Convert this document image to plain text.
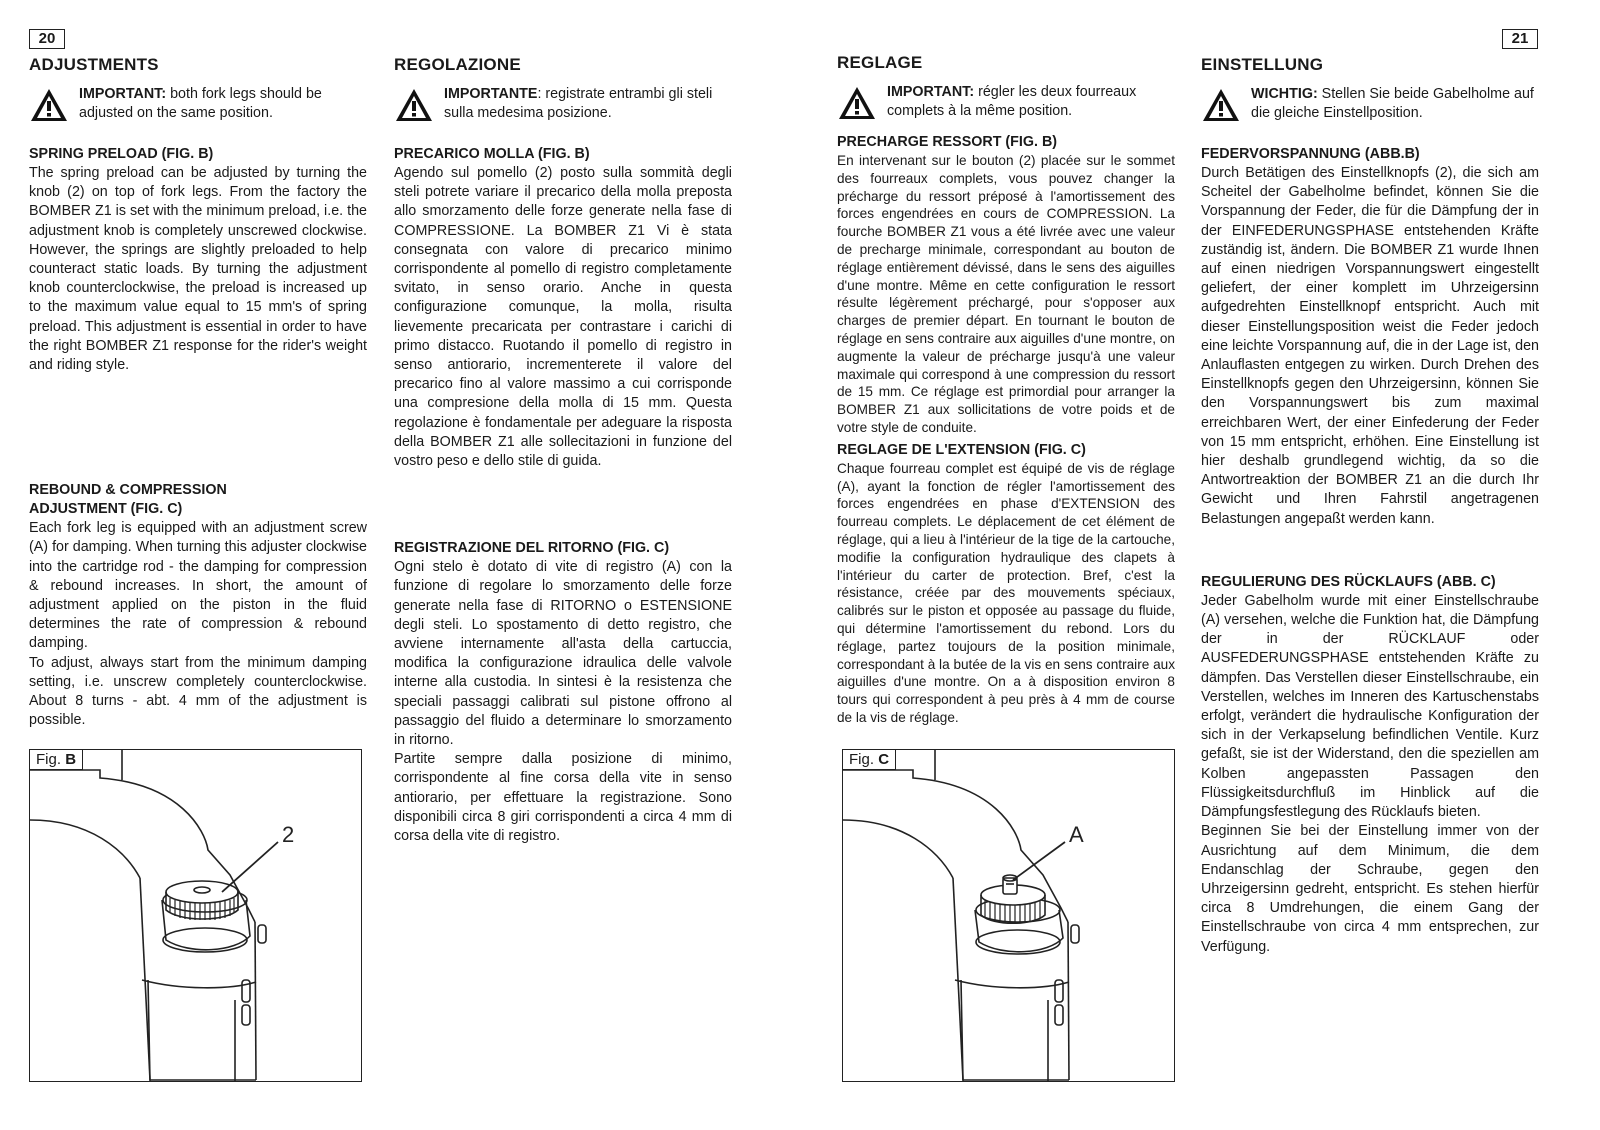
20	21
ADJUSTMENTS
IMPORTANT: both fork legs should be adjusted on the same position.
SPRING PRELOAD (FIG. B)

The spring preload can be adjusted by turning the knob (2) on top of fork legs. From the factory the BOMBER Z1 is set with the minimum preload, i.e. the adjustment knob is completely unscrewed clockwise. However, the springs are slightly preloaded to help counteract static loads. By turning the adjustment knob counterclockwise, the preload is increased up to the maximum value equal to 15 mm's of spring preload. This adjustment is essential in order to have the right BOMBER Z1 response for the rider's weight and riding style.

REBOUND & COMPRESSION
ADJUSTMENT (FIG. C)

Each fork leg is equipped with an adjustment screw (A) for damping. When turning this adjuster clockwise into the cartridge rod - the damping for compression & rebound increases. In short, the amount of adjustment applied on the piston in the fluid determines the rate of compression & rebound damping.

To adjust, always start from the minimum damping setting, i.e. unscrew completely counterclockwise. About 8 turns - abt. 4 mm of the adjustment is possible.

REGOLAZIONE
IMPORTANTE: registrate entrambi gli steli sulla medesima posizione.
PRECARICO MOLLA (FIG. B)

Agendo sul pomello (2) posto sulla sommità degli steli potrete variare il precarico della molla preposta allo smorzamento delle forze generate nella fase di COMPRESSIONE. La BOMBER Z1 Vi è stata consegnata con valore di precarico minimo corrispondente al pomello di registro completamente svitato, in senso orario. Anche in questa configurazione comunque, la molla, risulta lievemente precaricata per contrastare i carichi di primo distacco. Ruotando il pomello di registro in senso antiorario, incrementerete il valore del precarico fino al valore massimo a cui corrisponde una compresione della molla di 15 mm. Questa regolazione è fondamentale per adeguare la risposta della BOMBER Z1 alle sollecitazioni in funzione del vostro peso e dello stile di guida.

REGISTRAZIONE DEL RITORNO (FIG. C)

Ogni stelo è dotato di vite di registro (A) con la funzione di regolare lo smorzamento delle forze generate nella fase di RITORNO o ESTENSIONE degli steli. Lo spostamento di detto registro, che avviene internamente all'asta della cartuccia, modifica la configurazione idraulica delle valvole interne alla custodia. In sintesi è la resistenza che speciali passaggi calibrati sul pistone offrono al passaggio del fluido a determinare lo smorzamento in ritorno.

Partite sempre dalla posizione di minimo, corrispondente al fine corsa della vite in senso antiorario, per effettuare la registrazione. Sono disponibili circa 8 giri corrispondenti a circa 4 mm di corsa della vite di registro.

REGLAGE
IMPORTANT: régler les deux fourreaux complets à la même position.
PRECHARGE RESSORT (FIG. B)

En intervenant sur le bouton (2) placée sur le sommet des fourreaux complets, vous pouvez changer la précharge du ressort préposé à l'amortissement des forces engendrées en cours de COMPRESSION. La fourche BOMBER Z1 vous a été livrée avec une valeur de precharge minimale, correspondant au bouton de réglage entièrement dévissé, dans le sens des aiguilles d'une montre. Même en cette configuration le ressort résulte légèrement préchargé, pour s'opposer aux charges de premier départ. En tournant le bouton de réglage en sens contraire aux aiguilles d'une montre, on augmente la valeur de précharge jusqu'à une valeur maximale qui correspond à une compression du ressort de 15 mm. Ce réglage est primordial pour arranger la BOMBER Z1 aux sollicitations de votre poids et de votre style de conduite.

REGLAGE DE L'EXTENSION (FIG. C)

Chaque fourreau complet est équipé de vis de réglage (A), ayant la fonction de régler l'amortissement des forces engendrées en phase d'EXTENSION des fourreau complets. Le déplacement de cet élément de réglage, qui a lieu à l'intérieur de la tige de la cartouche, modifie la configuration hydraulique des clapets à l'intérieur du carter de protection. Bref, c'est la résistance, créée par des mouvements spéciaux, calibrés sur le piston et opposée au passage du fluide, qui détermine l'amortissement du rebond. Lors du réglage, partez toujours de la position minimale, correspondant à la butée de la vis en sens contraire aux aiguilles d'une montre. On a à disposition environ 8 tours qui correspondent à peu près à 4 mm de course de la vis de réglage.

EINSTELLUNG
WICHTIG: Stellen Sie beide Gabelholme auf die gleiche Einstellposition.
FEDERVORSPANNUNG (ABB.B)

Durch Betätigen des Einstellknopfs (2), die sich am Scheitel der Gabelholme befindet, können Sie die Vorspannung der Feder, die für die Dämpfung der in der EINFEDERUNGSPHASE entstehenden Kräfte zuständig ist, ändern. Die BOMBER Z1 wurde Ihnen auf einen niedrigen Vorspannungswert eingestellt geliefert, der einer komplett im Uhrzeigersinn aufgedrehten Einstellknopf entspricht. Auch mit dieser Einstellungsposition weist die Feder jedoch eine leichte Vorspannung auf, die in der Lage ist, den Anlauflasten entgegen zu wirken. Durch Drehen des Einstellknopfs gegen den Uhrzeigersinn, können Sie den Vorspannungswert bis zum maximal erreichbaren Wert, der einer Einfederung der Feder von 15 mm entspricht, erhöhen. Eine Einstellung ist hier deshalb grundlegend wichtig, da so die Antwortreaktion der BOMBER Z1 an die durch Ihr Gewicht und Ihren Fahrstil angetragenen Belastungen angepaßt werden kann.

REGULIERUNG DES RÜCKLAUFS (ABB. C)

Jeder Gabelholm wurde mit einer Einstellschraube (A) versehen, welche die Funktion hat, die Dämpfung der in der RÜCKLAUF oder AUSFEDERUNGSPHASE entstehenden Kräfte zu dämpfen. Das Verstellen dieser Einstellschraube, ein Verstellen, welches im Inneren des Kartuschenstabs erfolgt, verändert die hydraulische Konfiguration der sich in der Verkapselung befindlichen Ventile. Kurz gefaßt, sie ist der Widerstand, den die speziellen am Kolben angepassten Passagen den Flüssigkeitsdurchfluß im Hinblick auf die Dämpfungsfestlegung des Rücklaufs bieten.

Beginnen Sie bei der Einstellung immer von der Ausrichtung auf dem Minimum, die dem Endanschlag der Schraube, gegen den Uhrzeigersinn gedreht, entspricht. Es stehen hierfür circa 8 Umdrehungen, die einem Gang der Einstellschraube von circa 4 mm entsprechen, zur Verfügung.

2
Fig. B
A
Fig. C
